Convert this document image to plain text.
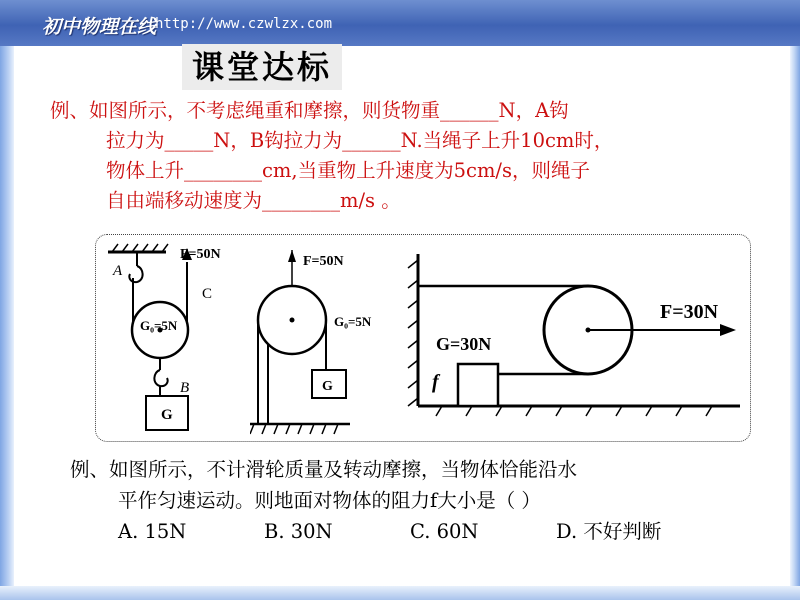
初中物理在线
http://www.czwlzx.com
课堂达标
例、如图所示，不考虑绳重和摩擦，则货物重______N，A钩
拉力为_____N，B钩拉力为______N.当绳子上升10cm时，
物体上升________cm,当重物上升速度为5cm/s，则绳子
自由端移动速度为________m/s 。
A
F=50N
C
G₀=5N
B
G
F=50N
G₀=5N
G
F=30N
G=30N
f
例、如图所示，不计滑轮质量及转动摩擦，当物体恰能沿水
平作匀速运动。则地面对物体的阻力f大小是（ ）
A. 15N	B. 30N	C. 60N	D. 不好判断
